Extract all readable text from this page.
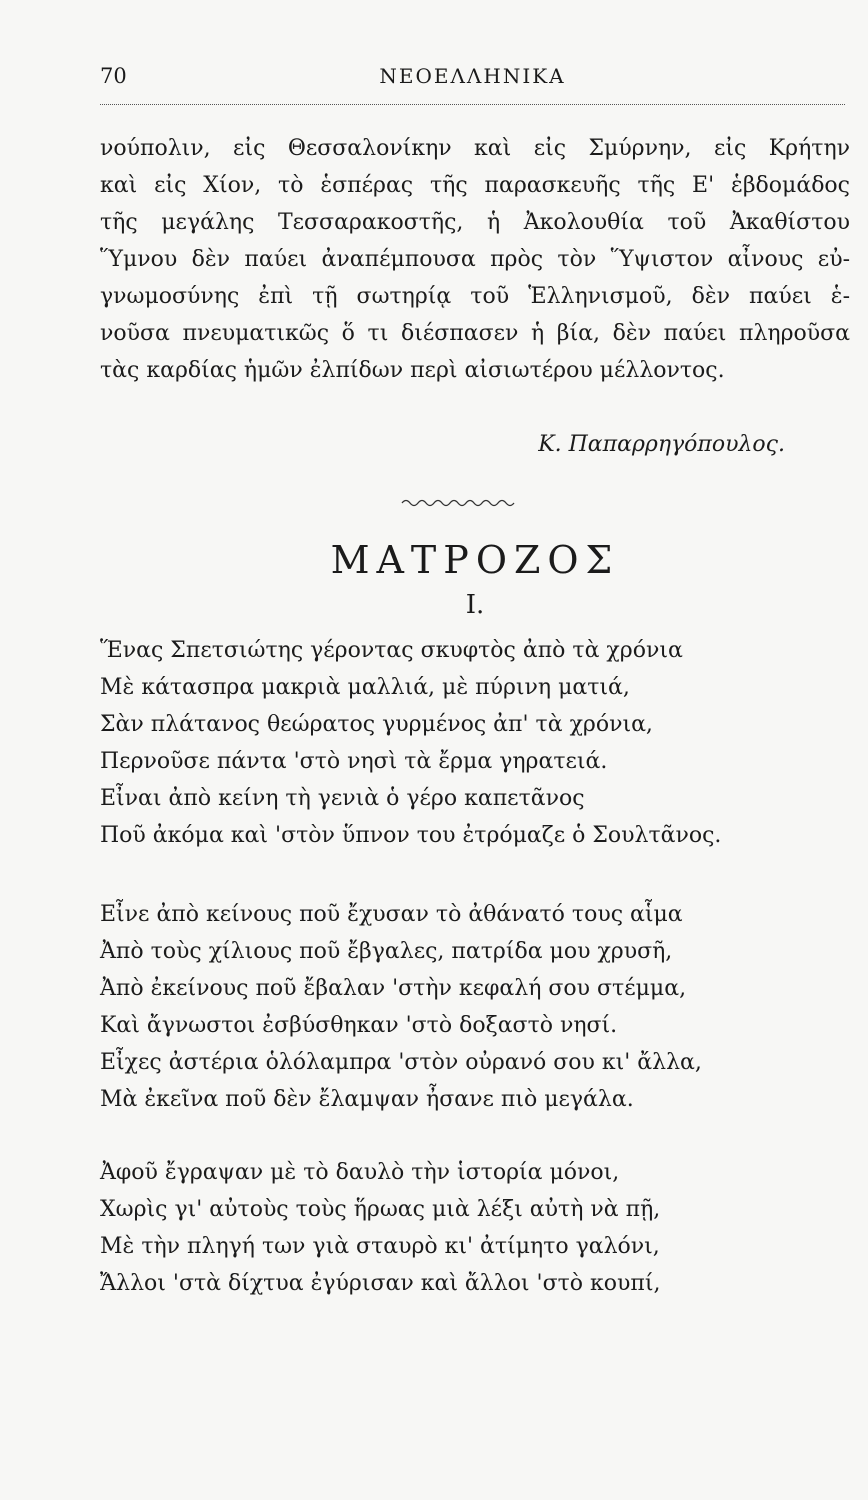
70	ΝΕΟΕΛΛΗΝΙΚΑ
νούπολιν, εἰς Θεσσαλονίκην καὶ εἰς Σμύρνην, εἰς Κρήτην
καὶ εἰς Χίον, τὸ ἑσπέρας τῆς παρασκευῆς τῆς Ε' ἑβδομάδος
τῆς μεγάλης Τεσσαρακοστῆς, ἡ Ἀκολουθία τοῦ Ἀκαθίστου
Ὕμνου δὲν παύει ἀναπέμπουσα πρὸς τὸν Ὕψιστον αἶνους εὐ-
γνωμοσύνης ἐπὶ τῇ σωτηρίᾳ τοῦ Ἑλληνισμοῦ, δὲν παύει ἑ-
νοῦσα πνευματικῶς ὅ τι διέσπασεν ἡ βία, δὲν παύει πληροῦσα
τὰς καρδίας ἡμῶν ἐλπίδων περὶ αἰσιωτέρου μέλλοντος.
Κ. Παπαρρηγόπουλος.
ΜΑΤΡΟΖΟΣ
I.
Ἕνας Σπετσιώτης γέροντας σκυφτὸς ἀπὸ τὰ χρόνια
Μὲ κάτασπρα μακριὰ μαλλιά, μὲ πύρινη ματιά,
Σὰν πλάτανος θεώρατος γυρμένος ἀπ' τὰ χρόνια,
Περνοῦσε πάντα 'στὸ νησὶ τὰ ἔρμα γηρατειά.
Εἶναι ἀπὸ κείνη τὴ γενιὰ ὁ γέρο καπετᾶνος
Ποῦ ἀκόμα καὶ 'στὸν ὕπνον του ἐτρόμαζε ὁ Σουλτᾶνος.
Εἶνε ἀπὸ κείνους ποῦ ἔχυσαν τὸ ἀθάνατό τους αἷμα
Ἀπὸ τοὺς χίλιους ποῦ ἔβγαλες, πατρίδα μου χρυσῆ,
Ἀπὸ ἐκείνους ποῦ ἔβαλαν 'στὴν κεφαλή σου στέμμα,
Καὶ ἄγνωστοι ἐσβύσθηκαν 'στὸ δοξαστὸ νησί.
Εἶχες ἀστέρια ὁλόλαμπρα 'στὸν οὐρανό σου κι' ἄλλα,
Μὰ ἐκεῖνα ποῦ δὲν ἔλαμψαν ἦσανε πιὸ μεγάλα.
Ἀφοῦ ἔγραψαν μὲ τὸ δαυλὸ τὴν ἱστορία μόνοι,
Χωρὶς γι' αὐτοὺς τοὺς ἥρωας μιὰ λέξι αὐτὴ νὰ πῇ,
Μὲ τὴν πληγή των γιὰ σταυρὸ κι' ἀτίμητο γαλόνι,
Ἄλλοι 'στὰ δίχτυα ἐγύρισαν καὶ ἄλλοι 'στὸ κουπί,
